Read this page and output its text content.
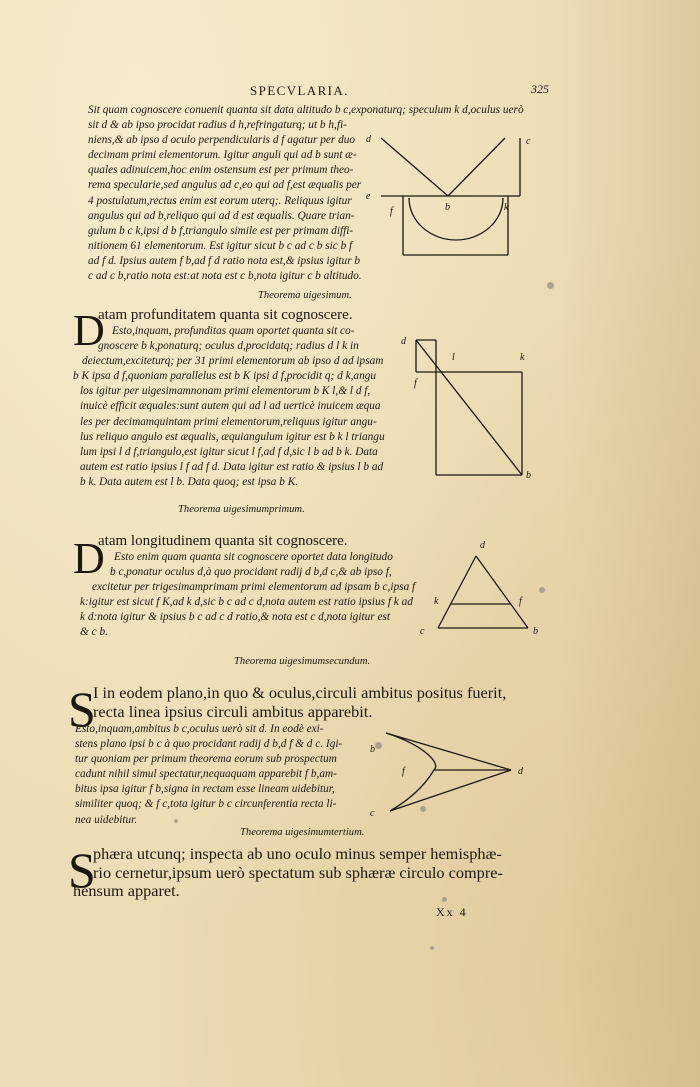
SPECVLARIA.	325
Sit quam cognoscere conuenit quanta sit data altitudo b c,exponaturq; speculum k d,oculus uerò
sit d & ab ipso procidat radius d h,refringaturq; ut b h,fi-
niens,& ab ipso d oculo perpendicularis d f agatur per duo
decimam primi elementorum. Igitur anguli qui ad b sunt æ-
quales adinuicem,hoc enim ostensum est per primum theo-
rema specularie,sed angulus ad c,eo qui ad f,est æqualis per
4 postulatum,rectus enim est eorum uterq;. Reliquus igitur
angulus qui ad b,reliquo qui ad d est æqualis. Quare trian-
gulum b c k,ipsi d b f,triangulo simile est per primam diffi-
nitionem 61 elementorum. Est igitur sicut b c ad c b sic b f
ad f d. Ipsius autem f b,ad f d ratio nota est,& ipsius igitur b
c ad c b,ratio nota est:at nota est c b,nota igitur c b altitudo.
d	c
e
f	b	k
Theorema uigesimum.
D
atam profunditatem quanta sit cognoscere.
Esto,inquam, profunditas quam oportet quanta sit co-
gnoscere b k,ponaturq; oculus d,procidatq; radius d l k in
deiectum,exciteturq; per 31 primi elementorum ab ipso d ad ipsam
b K ipsa d f,quoniam parallelus est b K ipsi d f,procidit q; d k,angu
los igitur per uigesimamnonam primi elementorum b K l,& l d f,
inuicè efficit æquales:sunt autem qui ad l ad uerticè inuicem æqua
les per decimamquintam primi elementorum,reliquus igitur angu-
lus reliquo angulo est æqualis, æquiangulum igitur est b k l triangu
lum ipsi l d f,triangulo,est igitur sicut l f,ad f d,sic l b ad b k. Data
autem est ratio ipsius l f ad f d. Data igitur est ratio & ipsius l b ad
b k. Data autem est l b. Data quoq; est ipsa b K.
d
l	k
f
b
Theorema uigesimumprimum.
D
atam longitudinem quanta sit cognoscere.
Esto enim quam quanta sit cognoscere oportet data longitudo
b c,ponatur oculus d,à quo procidant radij d b,d c,& ab ipso f,
excitetur per trigesimamprimam primi elementorum ad ipsam b c,ipsa f
k:igitur est sicut f K,ad k d,sic b c ad c d,nota autem est ratio ipsius f k ad
k d:nota igitur & ipsius b c ad c d ratio,& nota est c d,nota igitur est
& c b.
d
k	f
c	b
Theorema uigesimumsecundum.
S
I in eodem plano,in quo & oculus,circuli ambitus positus fuerit,
recta linea ipsius circuli ambitus apparebit.
Esto,inquam,ambitus b c,oculus uerò sit d. In eodè exi-
stens plano ipsi b c à quo procidant radij d b,d f & d c. Igi-
tur quoniam per primum theorema eorum sub prospectum
cadunt nihil simul spectatur,nequaquam apparebit f b,am-
bitus ipsa igitur f b,signa in rectam esse lineam uidebitur,
similiter quoq; & f c,tota igitur b c circunferentia recta li-
nea uidebitur.
b
f	d
c
Theorema uigesimumtertium.
S
phæra utcunq; inspecta ab uno oculo minus semper hemisphæ-
rio cernetur,ipsum uerò spectatum sub sphæræ circulo compre-
hensum apparet.
Xx 4
